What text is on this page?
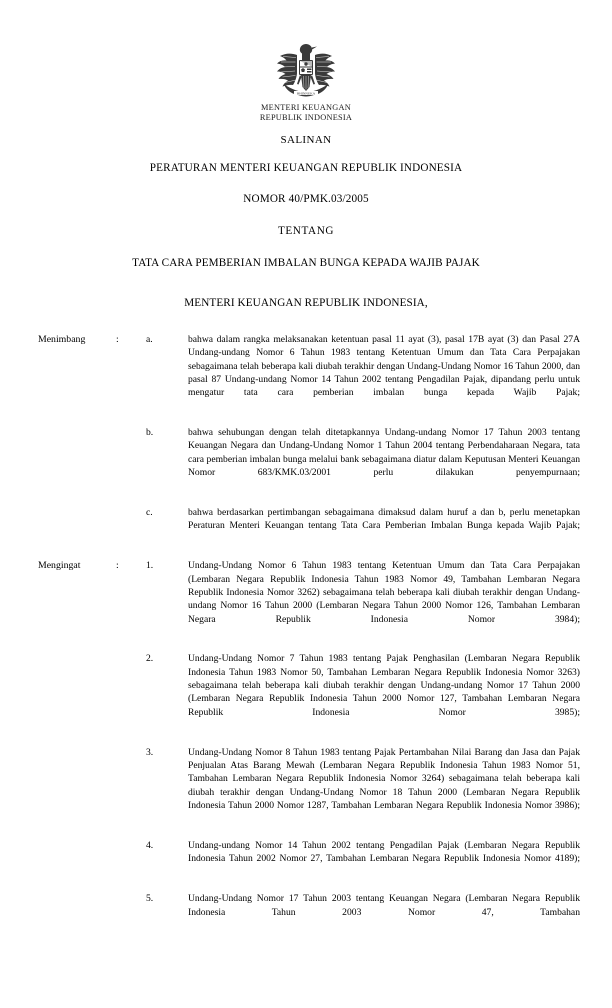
BHINNEKA
MENTERI KEUANGAN
REPUBLIK INDONESIA
SALINAN
PERATURAN MENTERI KEUANGAN REPUBLIK INDONESIA
NOMOR 40/PMK.03/2005
TENTANG
TATA CARA PEMBERIAN IMBALAN BUNGA KEPADA WAJIB PAJAK
MENTERI KEUANGAN REPUBLIK INDONESIA,
Menimbang	:	a.	bahwa dalam rangka melaksanakan ketentuan pasal 11 ayat (3), pasal 17B ayat (3) dan Pasal 27A Undang-undang Nomor 6 Tahun 1983 tentang Ketentuan Umum dan Tata Cara Perpajakan sebagaimana telah beberapa kali diubah terakhir dengan Undang-Undang Nomor 16 Tahun 2000, dan pasal 87 Undang-undang Nomor 14 Tahun 2002 tentang Pengadilan Pajak, dipandang perlu untuk mengatur tata cara pemberian imbalan bunga kepada Wajib Pajak;
b.	bahwa sehubungan dengan telah ditetapkannya Undang-undang Nomor 17 Tahun 2003 tentang Keuangan Negara dan Undang-Undang Nomor 1 Tahun 2004 tentang Perbendaharaan Negara, tata cara pemberian imbalan bunga melalui bank sebagaimana diatur dalam Keputusan Menteri Keuangan Nomor 683/KMK.03/2001 perlu dilakukan penyempurnaan;
c.	bahwa berdasarkan pertimbangan sebagaimana dimaksud dalam huruf a dan b, perlu menetapkan Peraturan Menteri Keuangan tentang Tata Cara Pemberian Imbalan Bunga kepada Wajib Pajak;
Mengingat	:	1.	Undang-Undang Nomor 6 Tahun 1983 tentang Ketentuan Umum dan Tata Cara Perpajakan (Lembaran Negara Republik Indonesia Tahun 1983 Nomor 49, Tambahan Lembaran Negara Republik Indonesia Nomor 3262) sebagaimana telah beberapa kali diubah terakhir dengan Undang-undang Nomor 16 Tahun 2000 (Lembaran Negara Tahun 2000 Nomor 126, Tambahan Lembaran Negara Republik Indonesia Nomor 3984);
2.	Undang-Undang Nomor 7 Tahun 1983 tentang Pajak Penghasilan (Lembaran Negara Republik Indonesia Tahun 1983 Nomor 50, Tambahan Lembaran Negara Republik Indonesia Nomor 3263) sebagaimana telah beberapa kali diubah terakhir dengan Undang-undang Nomor 17 Tahun 2000 (Lembaran Negara Republik Indonesia Tahun 2000 Nomor 127, Tambahan Lembaran Negara Republik Indonesia Nomor 3985);
3.	Undang-Undang Nomor 8 Tahun 1983 tentang Pajak Pertambahan Nilai Barang dan Jasa dan Pajak Penjualan Atas Barang Mewah (Lembaran Negara Republik Indonesia Tahun 1983 Nomor 51, Tambahan Lembaran Negara Republik Indonesia Nomor 3264) sebagaimana telah beberapa kali diubah terakhir dengan Undang-Undang Nomor 18 Tahun 2000 (Lembaran Negara Republik Indonesia Tahun 2000 Nomor 1287, Tambahan Lembaran Negara Republik Indonesia Nomor 3986);
4.	Undang-undang Nomor 14 Tahun 2002 tentang Pengadilan Pajak (Lembaran Negara Republik Indonesia Tahun 2002 Nomor 27, Tambahan Lembaran Negara Republik Indonesia Nomor 4189);
5.	Undang-Undang Nomor 17 Tahun 2003 tentang Keuangan Negara (Lembaran Negara Republik Indonesia Tahun 2003 Nomor 47, Tambahan
